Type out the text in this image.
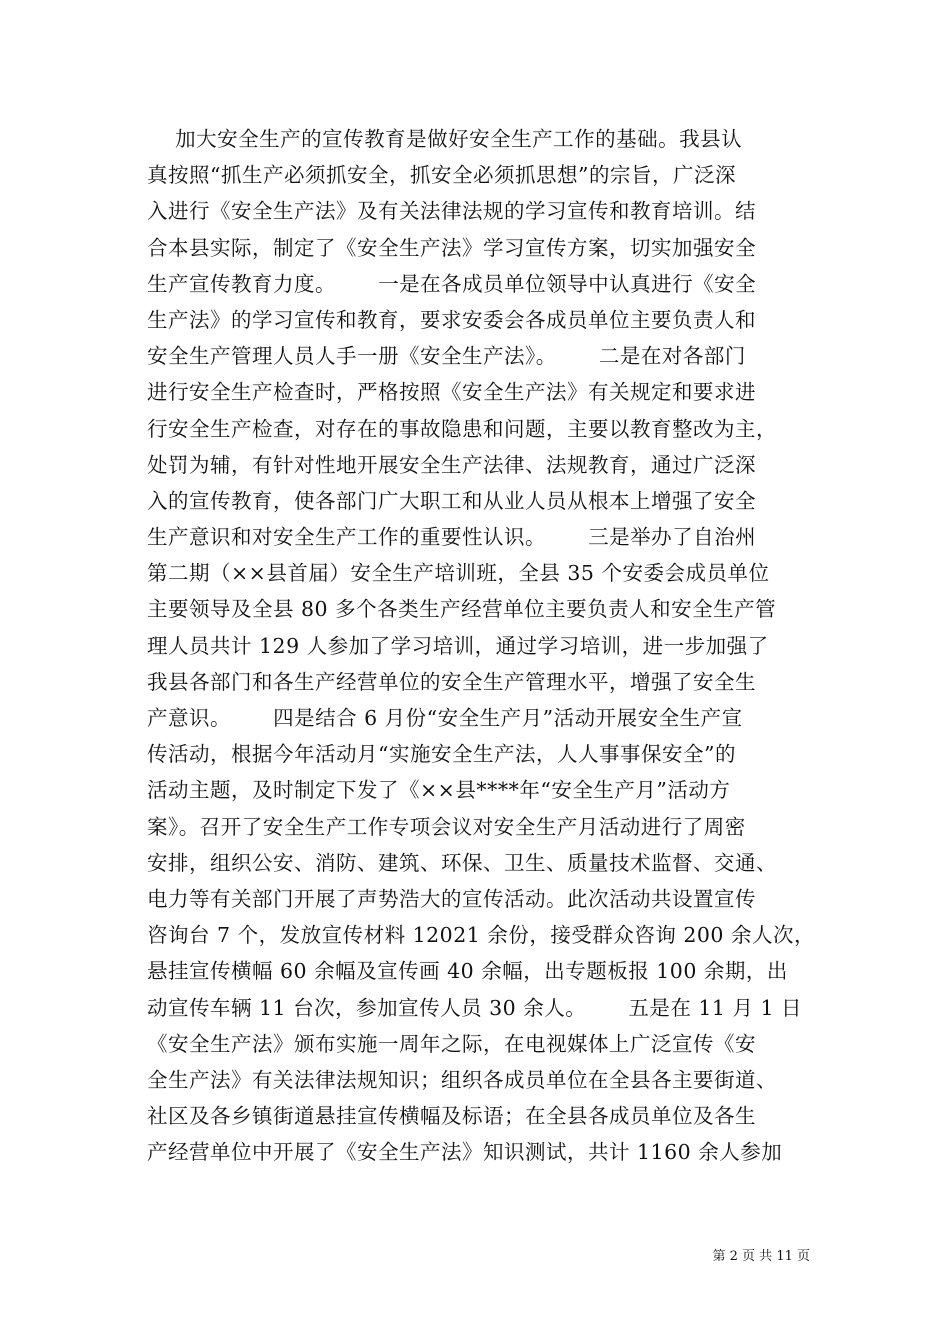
加大安全生产的宣传教育是做好安全生产工作的基础。我县认
真按照“抓生产必须抓安全，抓安全必须抓思想”的宗旨，广泛深
入进行《安全生产法》及有关法律法规的学习宣传和教育培训。结
合本县实际，制定了《安全生产法》学习宣传方案，切实加强安全
生产宣传教育力度。      一是在各成员单位领导中认真进行《安全
生产法》的学习宣传和教育，要求安委会各成员单位主要负责人和
安全生产管理人员人手一册《安全生产法》。      二是在对各部门
进行安全生产检查时，严格按照《安全生产法》有关规定和要求进
行安全生产检查，对存在的事故隐患和问题，主要以教育整改为主，
处罚为辅，有针对性地开展安全生产法律、法规教育，通过广泛深
入的宣传教育，使各部门广大职工和从业人员从根本上增强了安全
生产意识和对安全生产工作的重要性认识。      三是举办了自治州
第二期（××县首届）安全生产培训班，全县 35 个安委会成员单位
主要领导及全县 80 多个各类生产经营单位主要负责人和安全生产管
理人员共计 129 人参加了学习培训，通过学习培训，进一步加强了
我县各部门和各生产经营单位的安全生产管理水平，增强了安全生
产意识。      四是结合 6 月份“安全生产月”活动开展安全生产宣
传活动，根据今年活动月“实施安全生产法，人人事事保安全”的
活动主题，及时制定下发了《××县****年“安全生产月”活动方
案》。召开了安全生产工作专项会议对安全生产月活动进行了周密
安排，组织公安、消防、建筑、环保、卫生、质量技术监督、交通、
电力等有关部门开展了声势浩大的宣传活动。此次活动共设置宣传
咨询台 7 个，发放宣传材料 12021 余份，接受群众咨询 200 余人次，
悬挂宣传横幅 60 余幅及宣传画 40 余幅，出专题板报 100 余期，出
动宣传车辆 11 台次，参加宣传人员 30 余人。      五是在 11 月 1 日
《安全生产法》颁布实施一周年之际，在电视媒体上广泛宣传《安
全生产法》有关法律法规知识；组织各成员单位在全县各主要街道、
社区及各乡镇街道悬挂宣传横幅及标语；在全县各成员单位及各生
产经营单位中开展了《安全生产法》知识测试，共计 1160 余人参加
第 2 页 共 11 页
